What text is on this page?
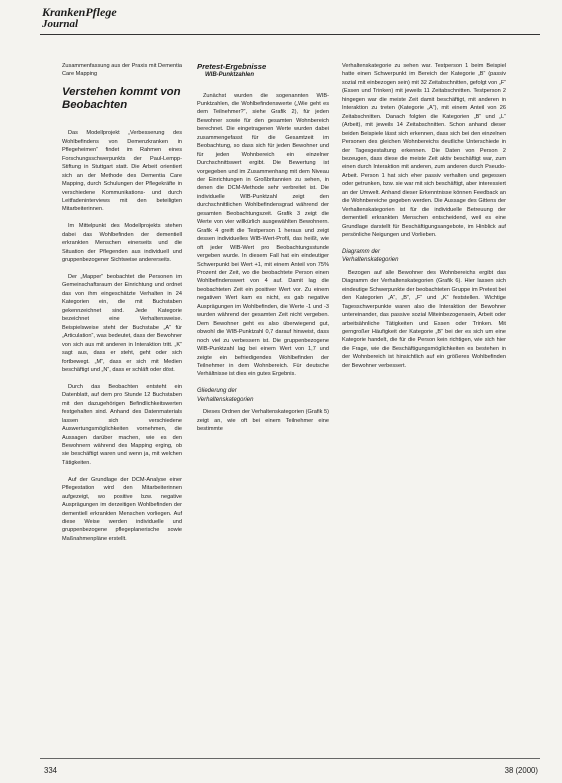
KrankenPflege
Journal

Zusammenfassung aus der Praxis mit Dementia Care Mapping

Verstehen kommt von Beobachten

Das Modellprojekt „Verbesserung des Wohlbefindens von Demenzkranken in Pflegeheimen“ findet im Rahmen eines Forschungsschwerpunkts der Paul-Lempp-Stiftung in Stuttgart statt. Die Arbeit orientiert sich an der Methode des Dementia Care Mapping, durch Schulungen der Pflegekräfte in verschiedene Kommunikations- und durch Leitfadeninterviews mit den beteiligten Mitarbeiterinnen.

Im Mittelpunkt des Modellprojekts stehen dabei das Wohlbefinden der dementiell erkrankten Menschen einerseits und die Situation der Pflegenden aus individuell und gruppenbezogener Sichtweise andererseits.

Der „Mapper“ beobachtet die Personen im Gemeinschaftsraum der Einrichtung und ordnet das von ihm eingeschätzte Verhalten in 24 Kategorien ein, die mit Buchstaben gekennzeichnet sind. Jede Kategorie bezeichnet eine Verhaltensweise. Beispielsweise steht der Buchstabe „A“ für „Articulation“, was bedeutet, dass der Bewohner von sich aus mit anderen in Interaktion tritt. „K“ sagt aus, dass er steht, geht oder sich fortbewegt. „M“, dass er sich mit Medien beschäftigt und „N“, dass er schläft oder döst.

Durch das Beobachten entsteht ein Datenblatt, auf dem pro Stunde 12 Buchstaben mit den dazugehörigen Befindlichkeitswerten festgehalten sind. Anhand des Datenmaterials lassen sich verschiedene Auswertungsmöglichkeiten vornehmen, die Aussagen darüber machen, wie es den Bewohnern während des Mapping erging, ob sie beschäftigt waren und wenn ja, mit welchen Tätigkeiten.

Auf der Grundlage der DCM-Analyse einer Pflegestation wird den Mitarbeiterinnen aufgezeigt, wo positive bzw. negative Ausprägungen im derzeitigen Wohlbefinden der dementiell erkrankten Menschen vorliegen. Auf diese Weise werden individuelle und gruppenbezogene pflegeplanerische sowie Maßnahmenpläne erstellt.

Pretest-Ergebnisse
WIB-Punktzahlen

Zunächst wurden die sogenannten WIB-Punktzahlen, die Wohlbefindenswerte („Wie geht es dem Teilnehmer?“, siehe Grafik 2), für jeden Bewohner sowie für den gesamten Wohnbereich berechnet. Die eingetragenen Werte wurden dabei zusammengefasst für die Gesamtzeit im Beobachtung, so dass sich für jeden Bewohner und für jeden Wohnbereich ein einzelner Durchschnittswert ergibt. Die Bewertung ist vorgegeben und im Zusammenhang mit dem Niveau der Einrichtungen in Großbritannien zu sehen, in denen die DCM-Methode sehr verbreitet ist. Die individuelle WIB-Punktzahl zeigt den durchschnittlichen Wohlbefindensgrad während der gesamten Beobachtungszeit. Grafik 3 zeigt die Werte von vier willkürlich ausgewählten Bewohnern. Grafik 4 greift die Testperson 1 heraus und zeigt dessen individuelles WIB-Wert-Profil, das heißt, wie oft jeder WIB-Wert pro Beobachtungsstunde vergeben wurde. In diesem Fall hat ein eindeutiger Schwerpunkt bei Wert +1, mit einem Anteil von 75% Prozent der Zeit, wo die beobachtete Person einen Wohlbefindenswert von 4 auf. Damit lag die beobachteten Zeit ein positiver Wert vor. Zu einem negativen Wert kam es nicht, es gab negative Ausprägungen im Wohlbefinden, die Werte -1 und -3 wurden während der gesamten Zeit nicht vergeben. Dem Bewohner geht es also überwiegend gut, obwohl die WIB-Punktzahl 0,7 darauf hinweist, dass noch viel zu verbessern ist. Die gruppenbezogene WIB-Punktzahl lag bei einem Wert von 1,7 und zeigte ein befriedigendes Wohlbefinden der Teilnehmer in dem Wohnbereich. Für deutsche Verhältnisse ist dies ein gutes Ergebnis.

Gliederung der
Verhaltenskategorien

Dieses Ordnen der Verhaltenskategorien (Grafik 5) zeigt an, wie oft bei einem Teilnehmer eine bestimmte

Verhaltenskategorie zu sehen war. Testperson 1 beim Beispiel hatte einen Schwerpunkt im Bereich der Kategorie „B“ (passiv sozial mit einbezogen sein) mit 32 Zeitabschnitten, gefolgt von „F“ (Essen und Trinken) mit jeweils 11 Zeitabschnitten. Testperson 2 hingegen war die meiste Zeit damit beschäftigt, mit anderen in Interaktion zu treten (Kategorie „A“), mit einem Anteil von 26 Zeitabschnitten. Danach folgten die Kategorien „B“ und „L“ (Arbeit), mit jeweils 14 Zeitabschnitten. Schon anhand dieser beiden Beispiele lässt sich erkennen, dass sich bei den einzelnen Personen des gleichen Wohnbereichs deutliche Unterschiede in der Tagesgestaltung erkennen. Die Daten von Person 2 bezeugen, dass diese die meiste Zeit aktiv beschäftigt war, zum einen durch Interaktion mit anderen, zum anderen durch Pseudo-Arbeit. Person 1 hat sich eher passiv verhalten und gegessen oder getrunken, bzw. sie war mit sich beschäftigt, aber interessiert an der Umwelt. Anhand dieser Erkenntnisse können Feedback an die Wohnbereiche gegeben werden. Die Aussage des Gittens der Verhaltenskategorien ist für die individuelle Betreuung der dementiell erkrankten Menschen entscheidend, weil es eine Grundlage darstellt für Beschäftigungsangebote, im Hinblick auf persönliche Neigungen und Vorlieben.

Diagramm der
Verhaltenskategorien

Bezogen auf alle Bewohner des Wohnbereichs ergibt das Diagramm der Verhaltenskategorien (Grafik 6). Hier lassen sich eindeutige Schwerpunkte der beobachteten Gruppe im Pretest bei den Kategorien „A“, „B“, „F“ und „K“ feststellen. Wichtige Tagesschwerpunkte waren also die Interaktion der Bewohner untereinander, das passive sozial Miteinbezogensein, Arbeit oder arbeitsähnliche Tätigkeiten und Essen oder Trinken. Mit gerngroßer Häufigkeit der Kategorie „B“ bei der es sich um eine Kategorie handelt, die für die Person kein richtigen, wie sich hier die Frage, wie die Beschäftigungsmöglichkeiten es bestehen in der Wohnbereich ist hinsichtlich auf ein größeres Wohlbefinden der Bewohner verbessert.

334	38 (2000)
